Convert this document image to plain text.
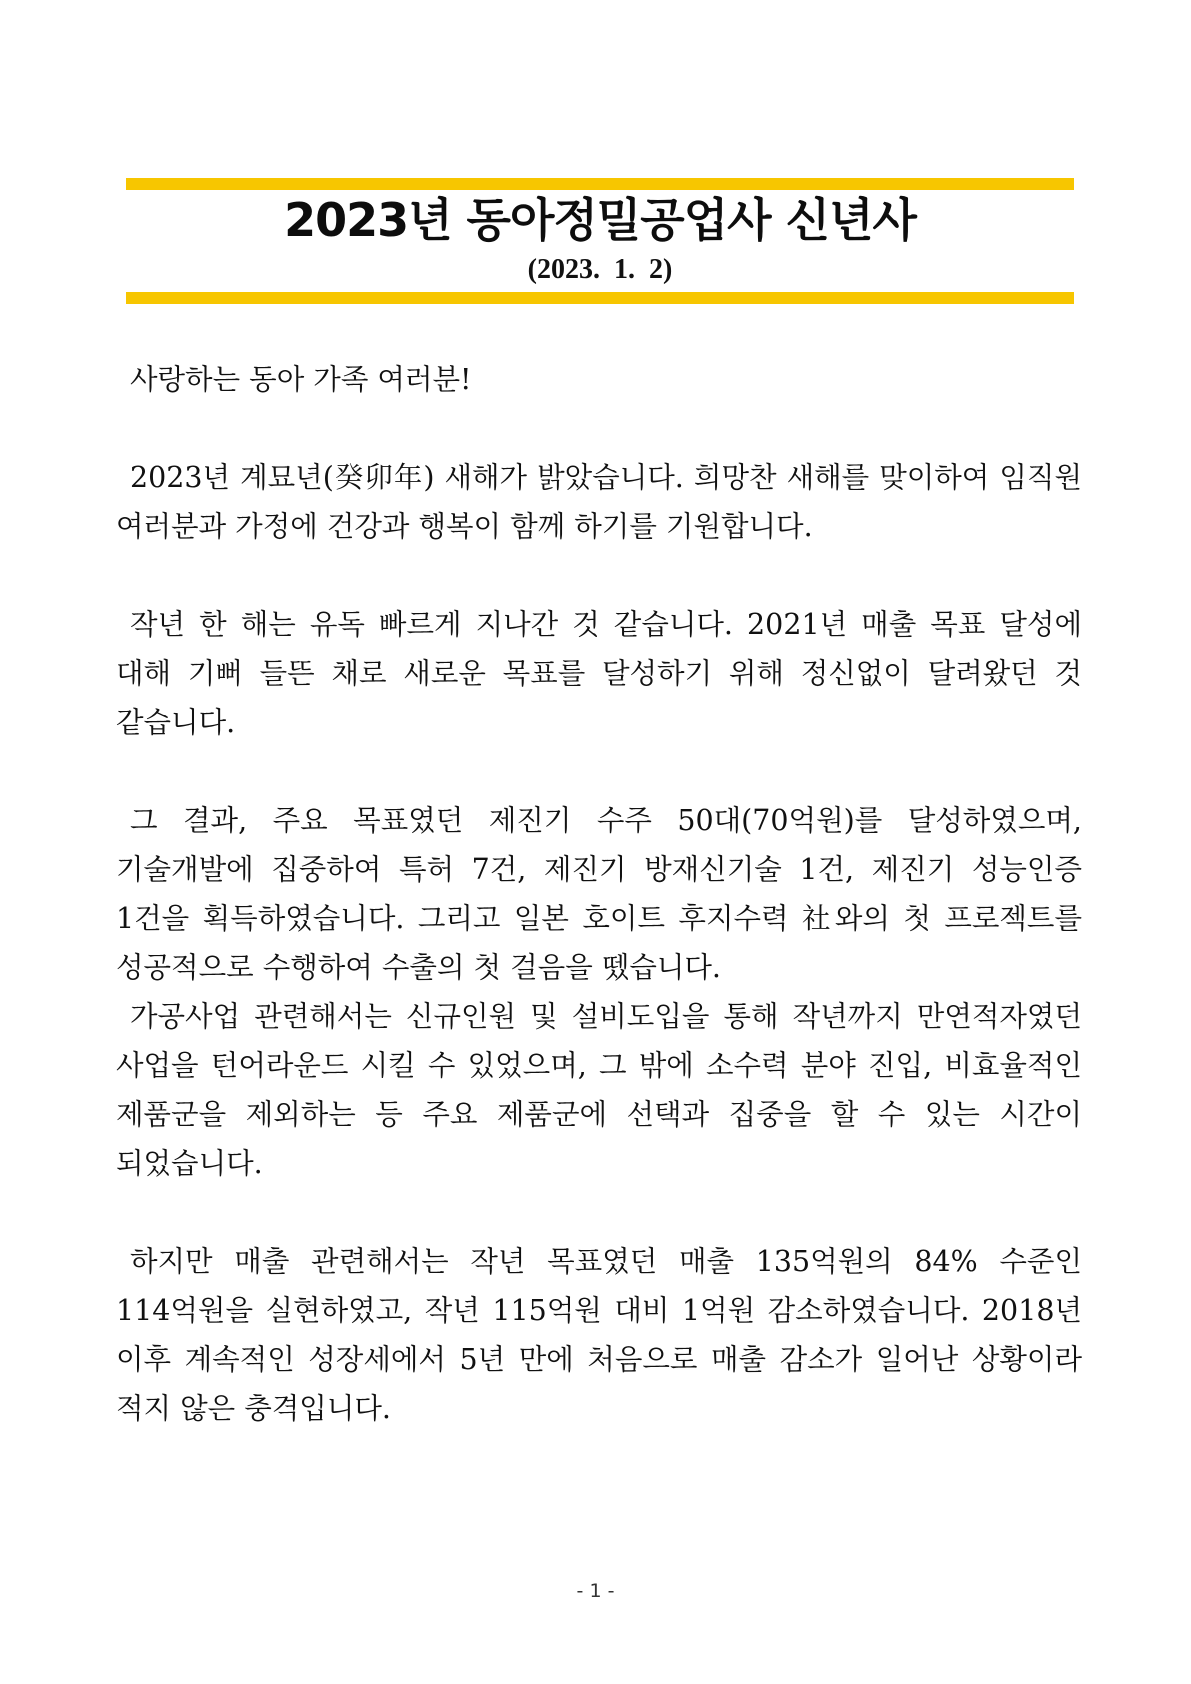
2023년 동아정밀공업사 신년사
(2023.  1.  2)

사랑하는 동아 가족 여러분!

2023년 계묘년(癸卯年) 새해가 밝았습니다. 희망찬 새해를 맞이하여 임직원 여러분과 가정에 건강과 행복이 함께 하기를 기원합니다.

작년 한 해는 유독 빠르게 지나간 것 같습니다. 2021년 매출 목표 달성에 대해 기뻐 들뜬 채로 새로운 목표를 달성하기 위해 정신없이 달려왔던 것 같습니다.

그 결과, 주요 목표였던 제진기 수주 50대(70억원)를 달성하였으며, 기술개발에 집중하여 특허 7건, 제진기 방재신기술 1건, 제진기 성능인증 1건을 획득하였습니다. 그리고 일본 호이트 후지수력 社와의 첫 프로젝트를 성공적으로 수행하여 수출의 첫 걸음을 뗐습니다.

가공사업 관련해서는 신규인원 및 설비도입을 통해 작년까지 만연적자였던 사업을 턴어라운드 시킬 수 있었으며, 그 밖에 소수력 분야 진입, 비효율적인 제품군을 제외하는 등 주요 제품군에 선택과 집중을 할 수 있는 시간이 되었습니다.

하지만 매출 관련해서는 작년 목표였던 매출 135억원의 84% 수준인 114억원을 실현하였고, 작년 115억원 대비 1억원 감소하였습니다. 2018년 이후 계속적인 성장세에서 5년 만에 처음으로 매출 감소가 일어난 상황이라 적지 않은 충격입니다.

- 1 -
